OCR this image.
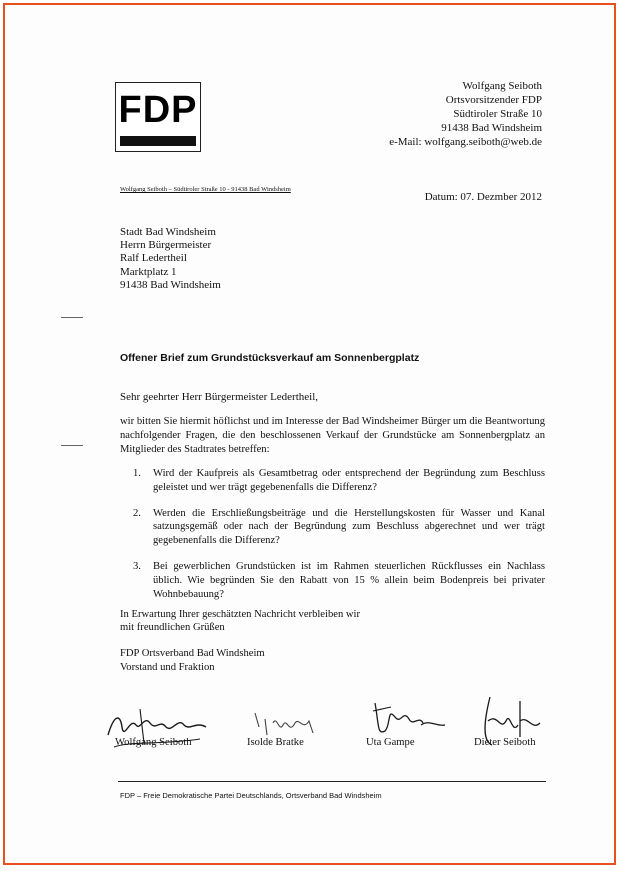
FDP
Wolfgang Seiboth
Ortsvorsitzender FDP
Südtiroler Straße 10
91438 Bad Windsheim
e-Mail: wolfgang.seiboth@web.de
Wolfgang Seiboth – Südtiroler Straße 10 - 91438 Bad Windsheim
Datum: 07. Dezmber 2012
Stadt Bad Windsheim
Herrn Bürgermeister
Ralf Ledertheil
Marktplatz 1
91438 Bad Windsheim
Offener Brief zum Grundstücksverkauf am Sonnenbergplatz
Sehr geehrter Herr Bürgermeister Ledertheil,
wir bitten Sie hiermit höflichst und im Interesse der Bad Windsheimer Bürger um die Beantwortung nachfolgender Fragen, die den beschlossenen Verkauf der Grundstücke am Sonnenbergplatz an Mitglieder des Stadtrates betreffen:
1. Wird der Kaufpreis als Gesamtbetrag oder entsprechend der Begründung zum Beschluss geleistet und wer trägt gegebenenfalls die Differenz?
2. Werden die Erschließungsbeiträge und die Herstellungskosten für Wasser und Kanal satzungsgemäß oder nach der Begründung zum Beschluss abgerechnet und wer trägt gegebenenfalls die Differenz?
3. Bei gewerblichen Grundstücken ist im Rahmen steuerlichen Rückflusses ein Nachlass üblich. Wie begründen Sie den Rabatt von 15 % allein beim Bodenpreis bei privater Wohnbebauung?
In Erwartung Ihrer geschätzten Nachricht verbleiben wir
mit freundlichen Grüßen
FDP Ortsverband Bad Windsheim
Vorstand und Fraktion
Wolfgang Seiboth	Isolde Bratke	Uta Gampe	Dieter Seiboth
FDP – Freie Demokratische Partei Deutschlands, Ortsverband Bad Windsheim
